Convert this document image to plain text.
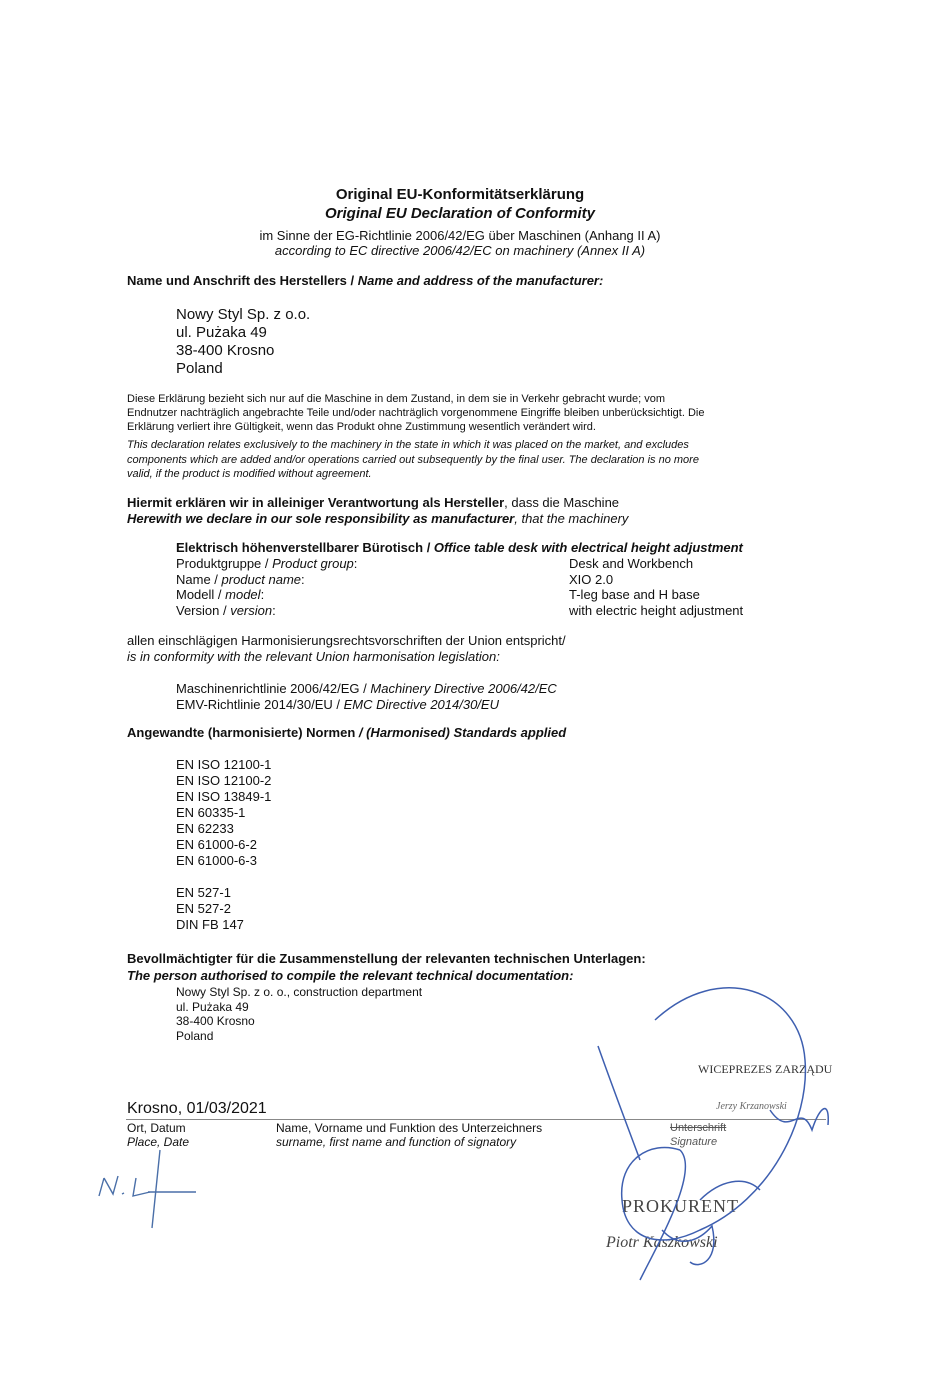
Original EU-Konformitätserklärung
Original EU Declaration of Conformity
im Sinne der EG-Richtlinie 2006/42/EG über Maschinen (Anhang II A)
according to EC directive 2006/42/EC on machinery (Annex II A)
Name und Anschrift des Herstellers / Name and address of the manufacturer:
Nowy Styl Sp. z o.o.
ul. Pużaka 49
38-400 Krosno
Poland
Diese Erklärung bezieht sich nur auf die Maschine in dem Zustand, in dem sie in Verkehr gebracht wurde; vom
Endnutzer nachträglich angebrachte Teile und/oder nachträglich vorgenommene Eingriffe bleiben unberücksichtigt. Die
Erklärung verliert ihre Gültigkeit, wenn das Produkt ohne Zustimmung wesentlich verändert wird.
This declaration relates exclusively to the machinery in the state in which it was placed on the market, and excludes
components which are added and/or operations carried out subsequently by the final user. The declaration is no more
valid, if the product is modified without agreement.
Hiermit erklären wir in alleiniger Verantwortung als Hersteller, dass die Maschine
Herewith we declare in our sole responsibility as manufacturer, that the machinery
Elektrisch höhenverstellbarer Bürotisch / Office table desk with electrical height adjustment
Produktgruppe / Product group:
Name / product name:
Modell / model:
Version / version:
Desk and Workbench
XIO 2.0
T-leg base and H base
with electric height adjustment
allen einschlägigen Harmonisierungsrechtsvorschriften der Union entspricht/
is in conformity with the relevant Union harmonisation legislation:
Maschinenrichtlinie 2006/42/EG / Machinery Directive 2006/42/EC
EMV-Richtlinie 2014/30/EU / EMC Directive 2014/30/EU
Angewandte (harmonisierte) Normen / (Harmonised) Standards applied
EN ISO 12100-1
EN ISO 12100-2
EN ISO 13849-1
EN 60335-1
EN 62233
EN 61000-6-2
EN 61000-6-3
EN 527-1
EN 527-2
DIN FB 147
Bevollmächtigter für die Zusammenstellung der relevanten technischen Unterlagen:
The person authorised to compile the relevant technical documentation:
Nowy Styl Sp. z o. o., construction department
ul. Pużaka 49
38-400 Krosno
Poland
Krosno, 01/03/2021
Ort, Datum
Place, Date
Name, Vorname und Funktion des Unterzeichners
surname, first name and function of signatory
Unterschrift
Signature
WICEPREZES ZARZĄDU
Jerzy Krzanowski
PROKURENT
Piotr Kaszkowski
